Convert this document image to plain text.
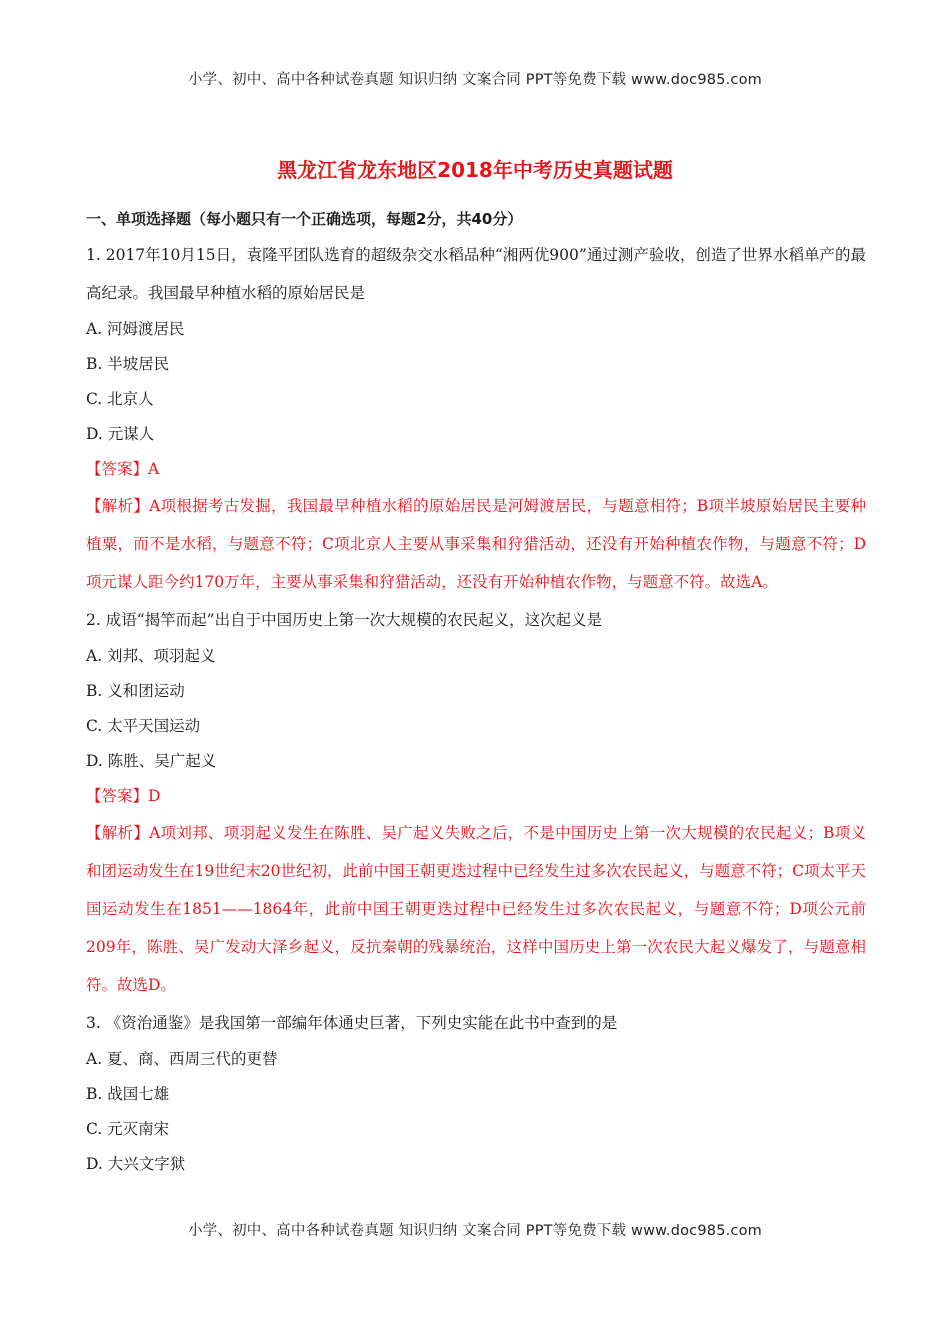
小学、初中、高中各种试卷真题 知识归纳 文案合同 PPT等免费下载 www.doc985.com
黑龙江省龙东地区2018年中考历史真题试题
一、单项选择题（每小题只有一个正确选项，每题2分，共40分）
1. 2017年10月15日，袁隆平团队选育的超级杂交水稻品种“湘两优900”通过测产验收，创造了世界水稻单产的最高纪录。我国最早种植水稻的原始居民是
A. 河姆渡居民
B. 半坡居民
C. 北京人
D. 元谋人
【答案】A
【解析】A项根据考古发掘，我国最早种植水稻的原始居民是河姆渡居民，与题意相符；B项半坡原始居民主要种植粟，而不是水稻，与题意不符；C项北京人主要从事采集和狩猎活动，还没有开始种植农作物，与题意不符；D项元谋人距今约170万年，主要从事采集和狩猎活动，还没有开始种植农作物，与题意不符。故选A。
2. 成语“揭竿而起”出自于中国历史上第一次大规模的农民起义，这次起义是
A. 刘邦、项羽起义
B. 义和团运动
C. 太平天国运动
D. 陈胜、吴广起义
【答案】D
【解析】A项刘邦、项羽起义发生在陈胜、吴广起义失败之后，不是中国历史上第一次大规模的农民起义；B项义和团运动发生在19世纪末20世纪初，此前中国王朝更迭过程中已经发生过多次农民起义，与题意不符；C项太平天国运动发生在1851——1864年，此前中国王朝更迭过程中已经发生过多次农民起义，与题意不符；D项公元前209年，陈胜、吴广发动大泽乡起义，反抗秦朝的残暴统治，这样中国历史上第一次农民大起义爆发了，与题意相符。故选D。
3. 《资治通鉴》是我国第一部编年体通史巨著，下列史实能在此书中查到的是
A. 夏、商、西周三代的更替
B. 战国七雄
C. 元灭南宋
D. 大兴文字狱
小学、初中、高中各种试卷真题 知识归纳 文案合同 PPT等免费下载 www.doc985.com
